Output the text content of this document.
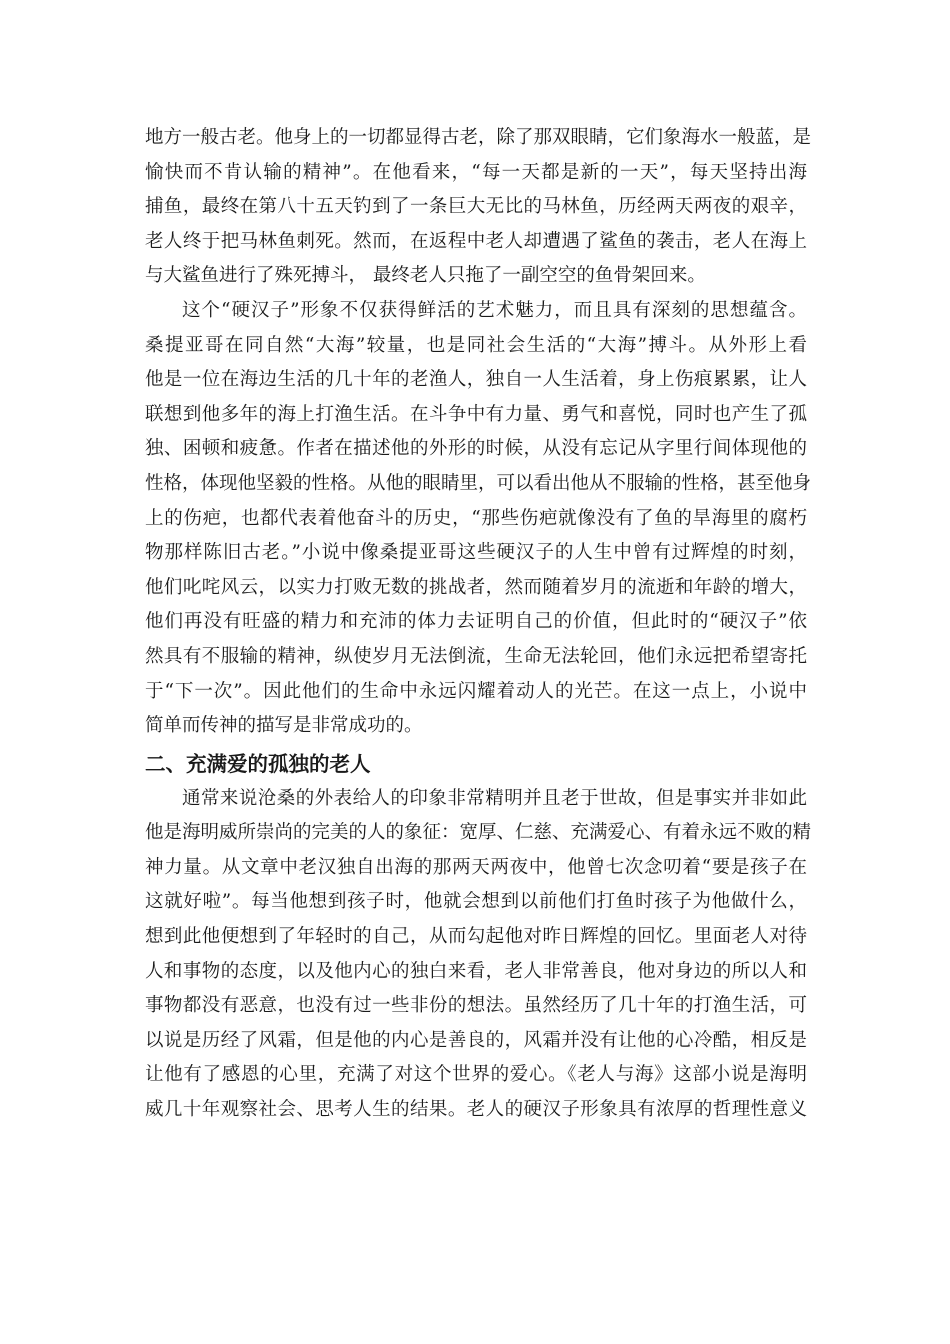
地方一般古老。他身上的一切都显得古老，除了那双眼睛，它们象海水一般蓝，是
愉快而不肯认输的精神”。在他看来，“每一天都是新的一天”，每天坚持出海
捕鱼，最终在第八十五天钓到了一条巨大无比的马林鱼，历经两天两夜的艰辛，
老人终于把马林鱼刺死。然而，在返程中老人却遭遇了鲨鱼的袭击，老人在海上
与大鲨鱼进行了殊死搏斗， 最终老人只拖了一副空空的鱼骨架回来。
这个“硬汉子”形象不仅获得鲜活的艺术魅力，而且具有深刻的思想蕴含。
桑提亚哥在同自然“大海”较量，也是同社会生活的“大海”搏斗。从外形上看
他是一位在海边生活的几十年的老渔人，独自一人生活着，身上伤痕累累，让人
联想到他多年的海上打渔生活。在斗争中有力量、勇气和喜悦，同时也产生了孤
独、困顿和疲惫。作者在描述他的外形的时候，从没有忘记从字里行间体现他的
性格，体现他坚毅的性格。从他的眼睛里，可以看出他从不服输的性格，甚至他身
上的伤疤，也都代表着他奋斗的历史，“那些伤疤就像没有了鱼的旱海里的腐朽
物那样陈旧古老。”小说中像桑提亚哥这些硬汉子的人生中曾有过辉煌的时刻，
他们叱咤风云，以实力打败无数的挑战者，然而随着岁月的流逝和年龄的增大，
他们再没有旺盛的精力和充沛的体力去证明自己的价值，但此时的“硬汉子”依
然具有不服输的精神，纵使岁月无法倒流，生命无法轮回，他们永远把希望寄托
于“下一次”。因此他们的生命中永远闪耀着动人的光芒。在这一点上，小说中
简单而传神的描写是非常成功的。
二、充满爱的孤独的老人
通常来说沧桑的外表给人的印象非常精明并且老于世故，但是事实并非如此
他是海明威所崇尚的完美的人的象征：宽厚、仁慈、充满爱心、有着永远不败的精
神力量。从文章中老汉独自出海的那两天两夜中，他曾七次念叨着“要是孩子在
这就好啦”。每当他想到孩子时，他就会想到以前他们打鱼时孩子为他做什么，
想到此他便想到了年轻时的自己，从而勾起他对昨日辉煌的回忆。里面老人对待
人和事物的态度，以及他内心的独白来看，老人非常善良，他对身边的所以人和
事物都没有恶意，也没有过一些非份的想法。虽然经历了几十年的打渔生活，可
以说是历经了风霜，但是他的内心是善良的，风霜并没有让他的心冷酷，相反是
让他有了感恩的心里，充满了对这个世界的爱心。《老人与海》这部小说是海明
威几十年观察社会、思考人生的结果。老人的硬汉子形象具有浓厚的哲理性意义
